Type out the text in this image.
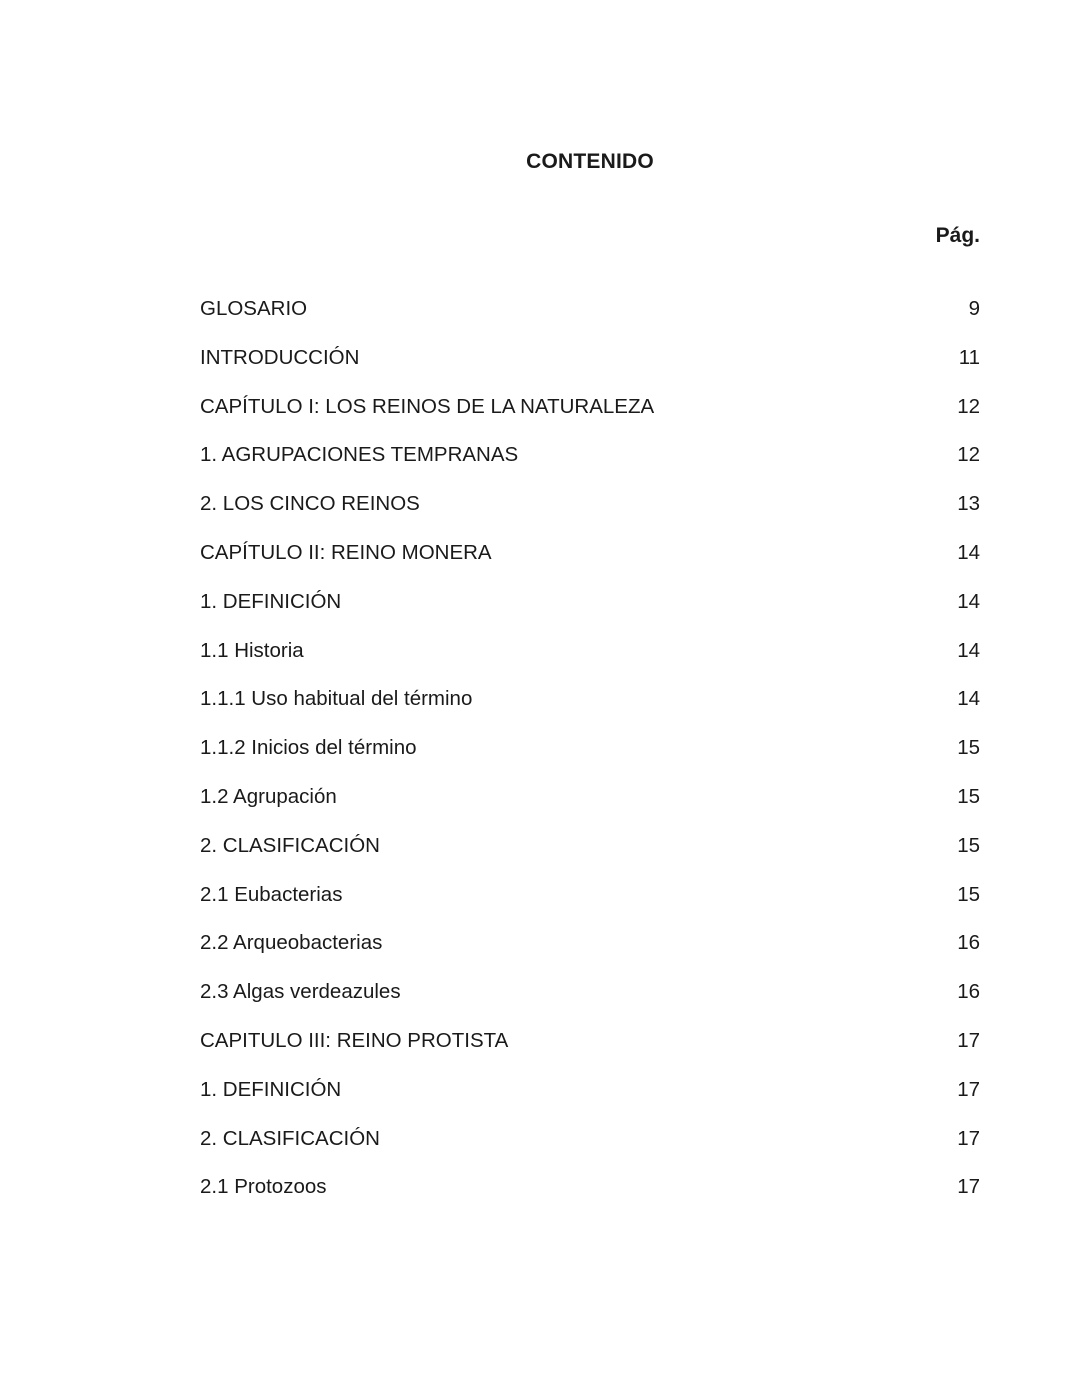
CONTENIDO
Pág.
GLOSARIO	9
INTRODUCCIÓN	11
CAPÍTULO I: LOS REINOS DE LA NATURALEZA	12
1. AGRUPACIONES TEMPRANAS	12
2. LOS CINCO REINOS	13
CAPÍTULO II: REINO MONERA	14
1. DEFINICIÓN	14
1.1 Historia	14
1.1.1 Uso habitual del término	14
1.1.2 Inicios del término	15
1.2 Agrupación	15
2. CLASIFICACIÓN	15
2.1 Eubacterias	15
2.2 Arqueobacterias	16
2.3 Algas verdeazules	16
CAPITULO III: REINO PROTISTA	17
1. DEFINICIÓN	17
2. CLASIFICACIÓN	17
2.1 Protozoos	17
